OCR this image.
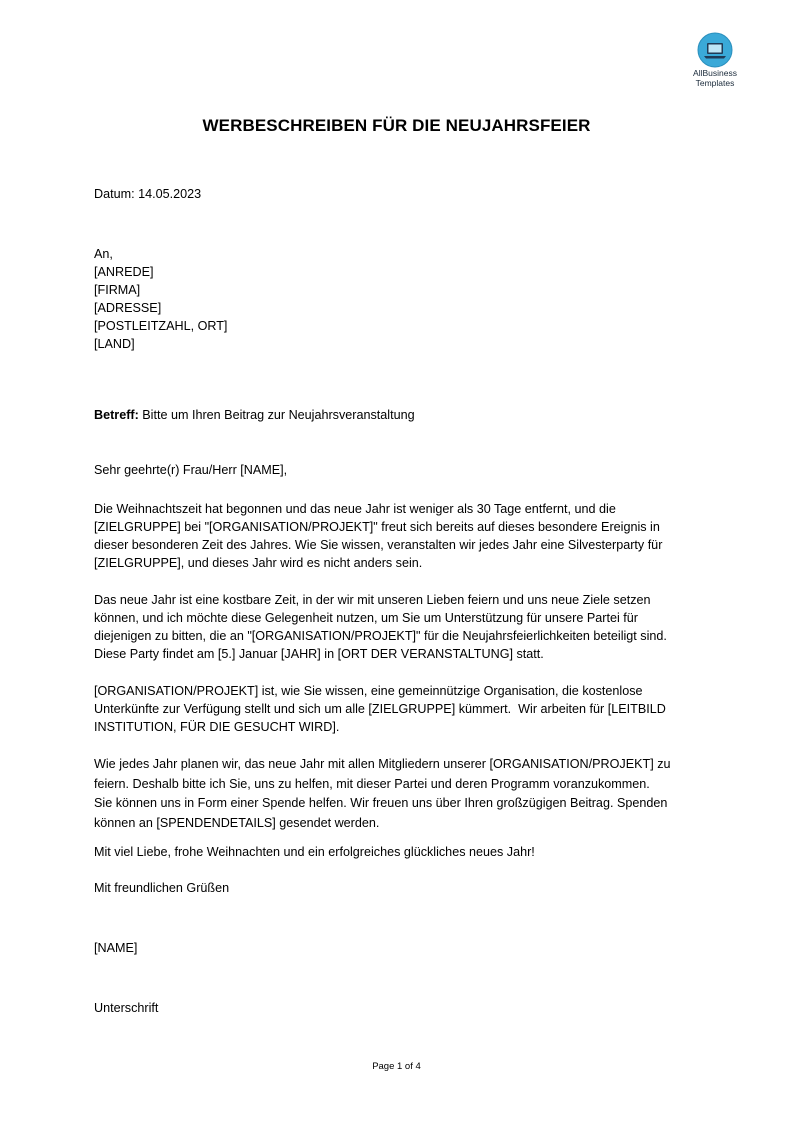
AllBusiness
Templates
WERBESCHREIBEN FÜR DIE NEUJAHRSFEIER
Datum: 14.05.2023
An,
[ANREDE]
[FIRMA]
[ADRESSE]
[POSTLEITZAHL, ORT]
[LAND]
Betreff: Bitte um Ihren Beitrag zur Neujahrsveranstaltung
Sehr geehrte(r) Frau/Herr [NAME],
Die Weihnachtszeit hat begonnen und das neue Jahr ist weniger als 30 Tage entfernt, und die
[ZIELGRUPPE] bei "[ORGANISATION/PROJEKT]" freut sich bereits auf dieses besondere Ereignis in
dieser besonderen Zeit des Jahres. Wie Sie wissen, veranstalten wir jedes Jahr eine Silvesterparty für
[ZIELGRUPPE], und dieses Jahr wird es nicht anders sein.
Das neue Jahr ist eine kostbare Zeit, in der wir mit unseren Lieben feiern und uns neue Ziele setzen
können, und ich möchte diese Gelegenheit nutzen, um Sie um Unterstützung für unsere Partei für
diejenigen zu bitten, die an "[ORGANISATION/PROJEKT]" für die Neujahrsfeierlichkeiten beteiligt sind.
Diese Party findet am [5.] Januar [JAHR] in [ORT DER VERANSTALTUNG] statt.
[ORGANISATION/PROJEKT] ist, wie Sie wissen, eine gemeinnützige Organisation, die kostenlose
Unterkünfte zur Verfügung stellt und sich um alle [ZIELGRUPPE] kümmert.  Wir arbeiten für [LEITBILD
INSTITUTION, FÜR DIE GESUCHT WIRD].
Wie jedes Jahr planen wir, das neue Jahr mit allen Mitgliedern unserer [ORGANISATION/PROJEKT] zu
feiern. Deshalb bitte ich Sie, uns zu helfen, mit dieser Partei und deren Programm voranzukommen.
Sie können uns in Form einer Spende helfen. Wir freuen uns über Ihren großzügigen Beitrag. Spenden
können an [SPENDENDETAILS] gesendet werden.
Mit viel Liebe, frohe Weihnachten und ein erfolgreiches glückliches neues Jahr!
Mit freundlichen Grüßen
[NAME]
Unterschrift
Page 1 of 4
